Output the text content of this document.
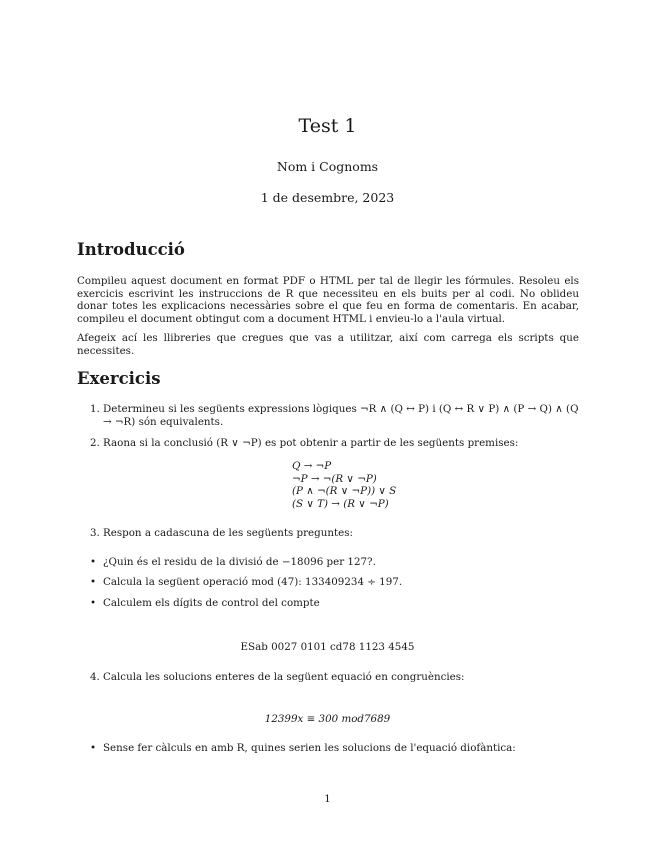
Test 1
Nom i Cognoms
1 de desembre, 2023
Introducció
Compileu aquest document en format PDF o HTML per tal de llegir les fórmules. Resoleu els exercicis escrivint les instruccions de R que necessiteu en els buits per al codi. No oblideu donar totes les explicacions necessàries sobre el que feu en forma de comentaris. En acabar, compileu el document obtingut com a document HTML i envieu-lo a l'aula virtual.
Afegeix ací les llibreries que cregues que vas a utilitzar, així com carrega els scripts que necessites.
Exercicis
1. Determineu si les següents expressions lògiques ¬R ∧ (Q ↔ P) i (Q ↔ R ∨ P) ∧ (P → Q) ∧ (Q → ¬R) són equivalents.
2. Raona si la conclusió (R ∨ ¬P) es pot obtenir a partir de les següents premises:
Q → ¬P
¬P → ¬(R ∨ ¬P)
(P ∧ ¬(R ∨ ¬P)) ∨ S
(S ∨ T) → (R ∨ ¬P)
3. Respon a cadascuna de les següents preguntes:
• ¿Quin és el residu de la divisió de −18096 per 127?.
• Calcula la següent operació mod (47): 133409234 ÷ 197.
• Calculem els dígits de control del compte
ESab 0027 0101 cd78 1123 4545
4. Calcula les solucions enteres de la següent equació en congruències:
12399x ≡ 300 mod7689
• Sense fer càlculs en amb R, quines serien les solucions de l'equació diofàntica:
1
